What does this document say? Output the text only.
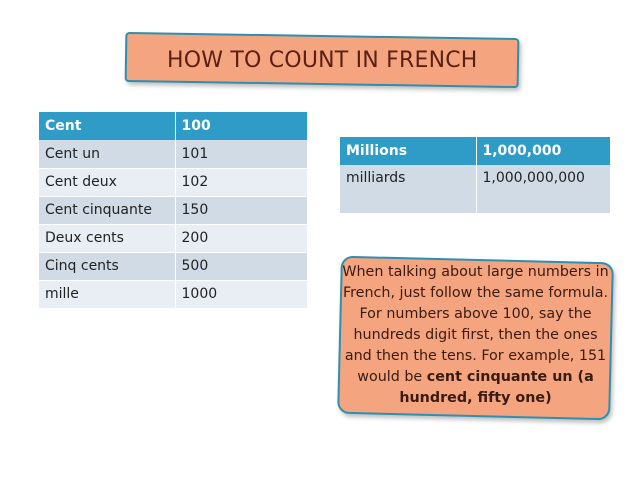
HOW TO COUNT IN FRENCH
Cent	100
Cent un	101
Cent deux	102
Cent cinquante	150
Deux cents	200
Cinq cents	500
mille	1000
Millions	1,000,000
milliards	1,000,000,000
When talking about large numbers in French, just follow the same formula. For numbers above 100, say the hundreds digit first, then the ones and then the tens. For example, 151 would be cent cinquante un (a hundred, fifty one)
